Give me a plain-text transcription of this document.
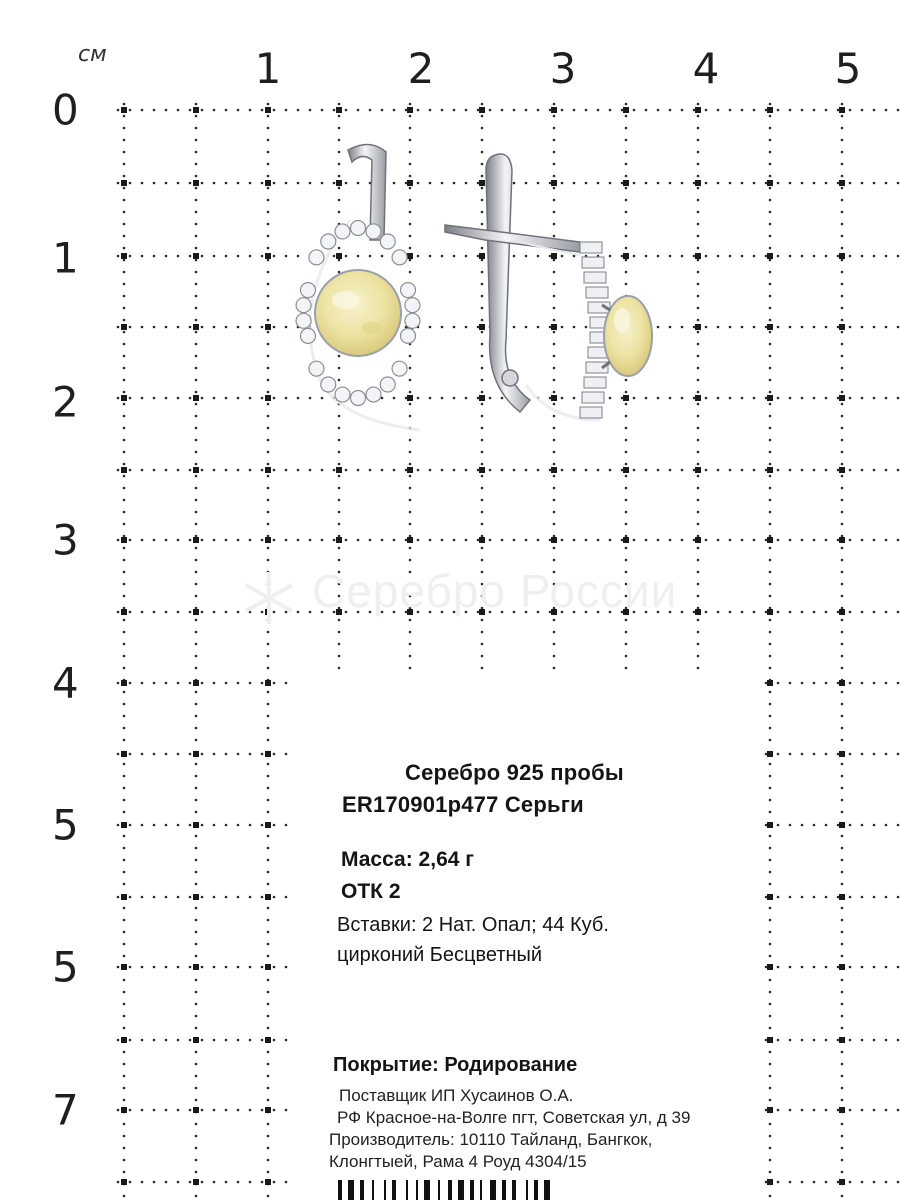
см	1	2	3	4	5
0
1
2
3
4
5
5
7
Серебро России
Серебро 925 пробы
ER170901p477 Серьги
Масса: 2,64 г
ОТК 2
Вставки: 2 Нат. Опал; 44 Куб.
цирконий Бесцветный
Покрытие: Родирование
Поставщик ИП Хусаинов О.А.
РФ Красное-на-Волге пгт, Советская ул, д 39
Производитель: 10110 Тайланд, Бангкок,
Клонгтыей, Рама 4 Роуд 4304/15
